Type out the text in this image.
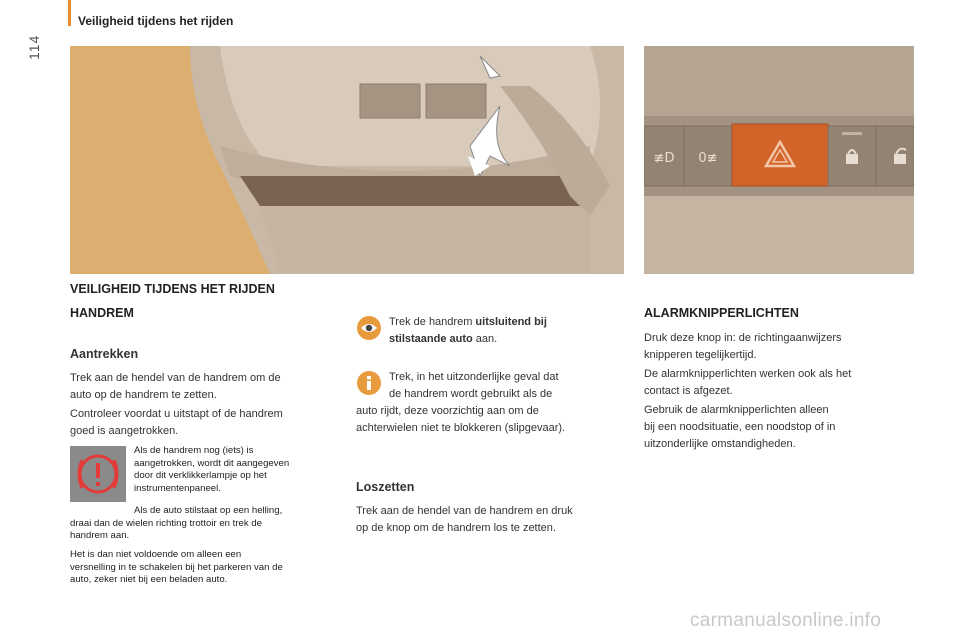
114
Veiligheid tijdens het rijden
≢D 0≢
VEILIGHEID TIJDENS HET RIJDEN
HANDREM
Aantrekken
Trek aan de hendel van de handrem om de
auto op de handrem te zetten.
Controleer voordat u uitstapt of de handrem
goed is aangetrokken.
Als de handrem nog (iets) is
aangetrokken, wordt dit aangegeven
door dit verklikkerlampje op het
instrumentenpaneel.
Als de auto stilstaat op een helling,
draai dan de wielen richting trottoir en trek de
handrem aan.
Het is dan niet voldoende om alleen een
versnelling in te schakelen bij het parkeren van de
auto, zeker niet bij een beladen auto.
Trek de handrem uitsluitend bij
stilstaande auto aan.
Trek, in het uitzonderlijke geval dat
de handrem wordt gebruikt als de
auto rijdt, deze voorzichtig aan om de
achterwielen niet te blokkeren (slipgevaar).
Loszetten
Trek aan de hendel van de handrem en druk
op de knop om de handrem los te zetten.
ALARMKNIPPERLICHTEN
Druk deze knop in: de richtingaanwijzers
knipperen tegelijkertijd.
De alarmknipperlichten werken ook als het
contact is afgezet.
Gebruik de alarmknipperlichten alleen
bij een noodsituatie, een noodstop of in
uitzonderlijke omstandigheden.
carmanualsonline.info
